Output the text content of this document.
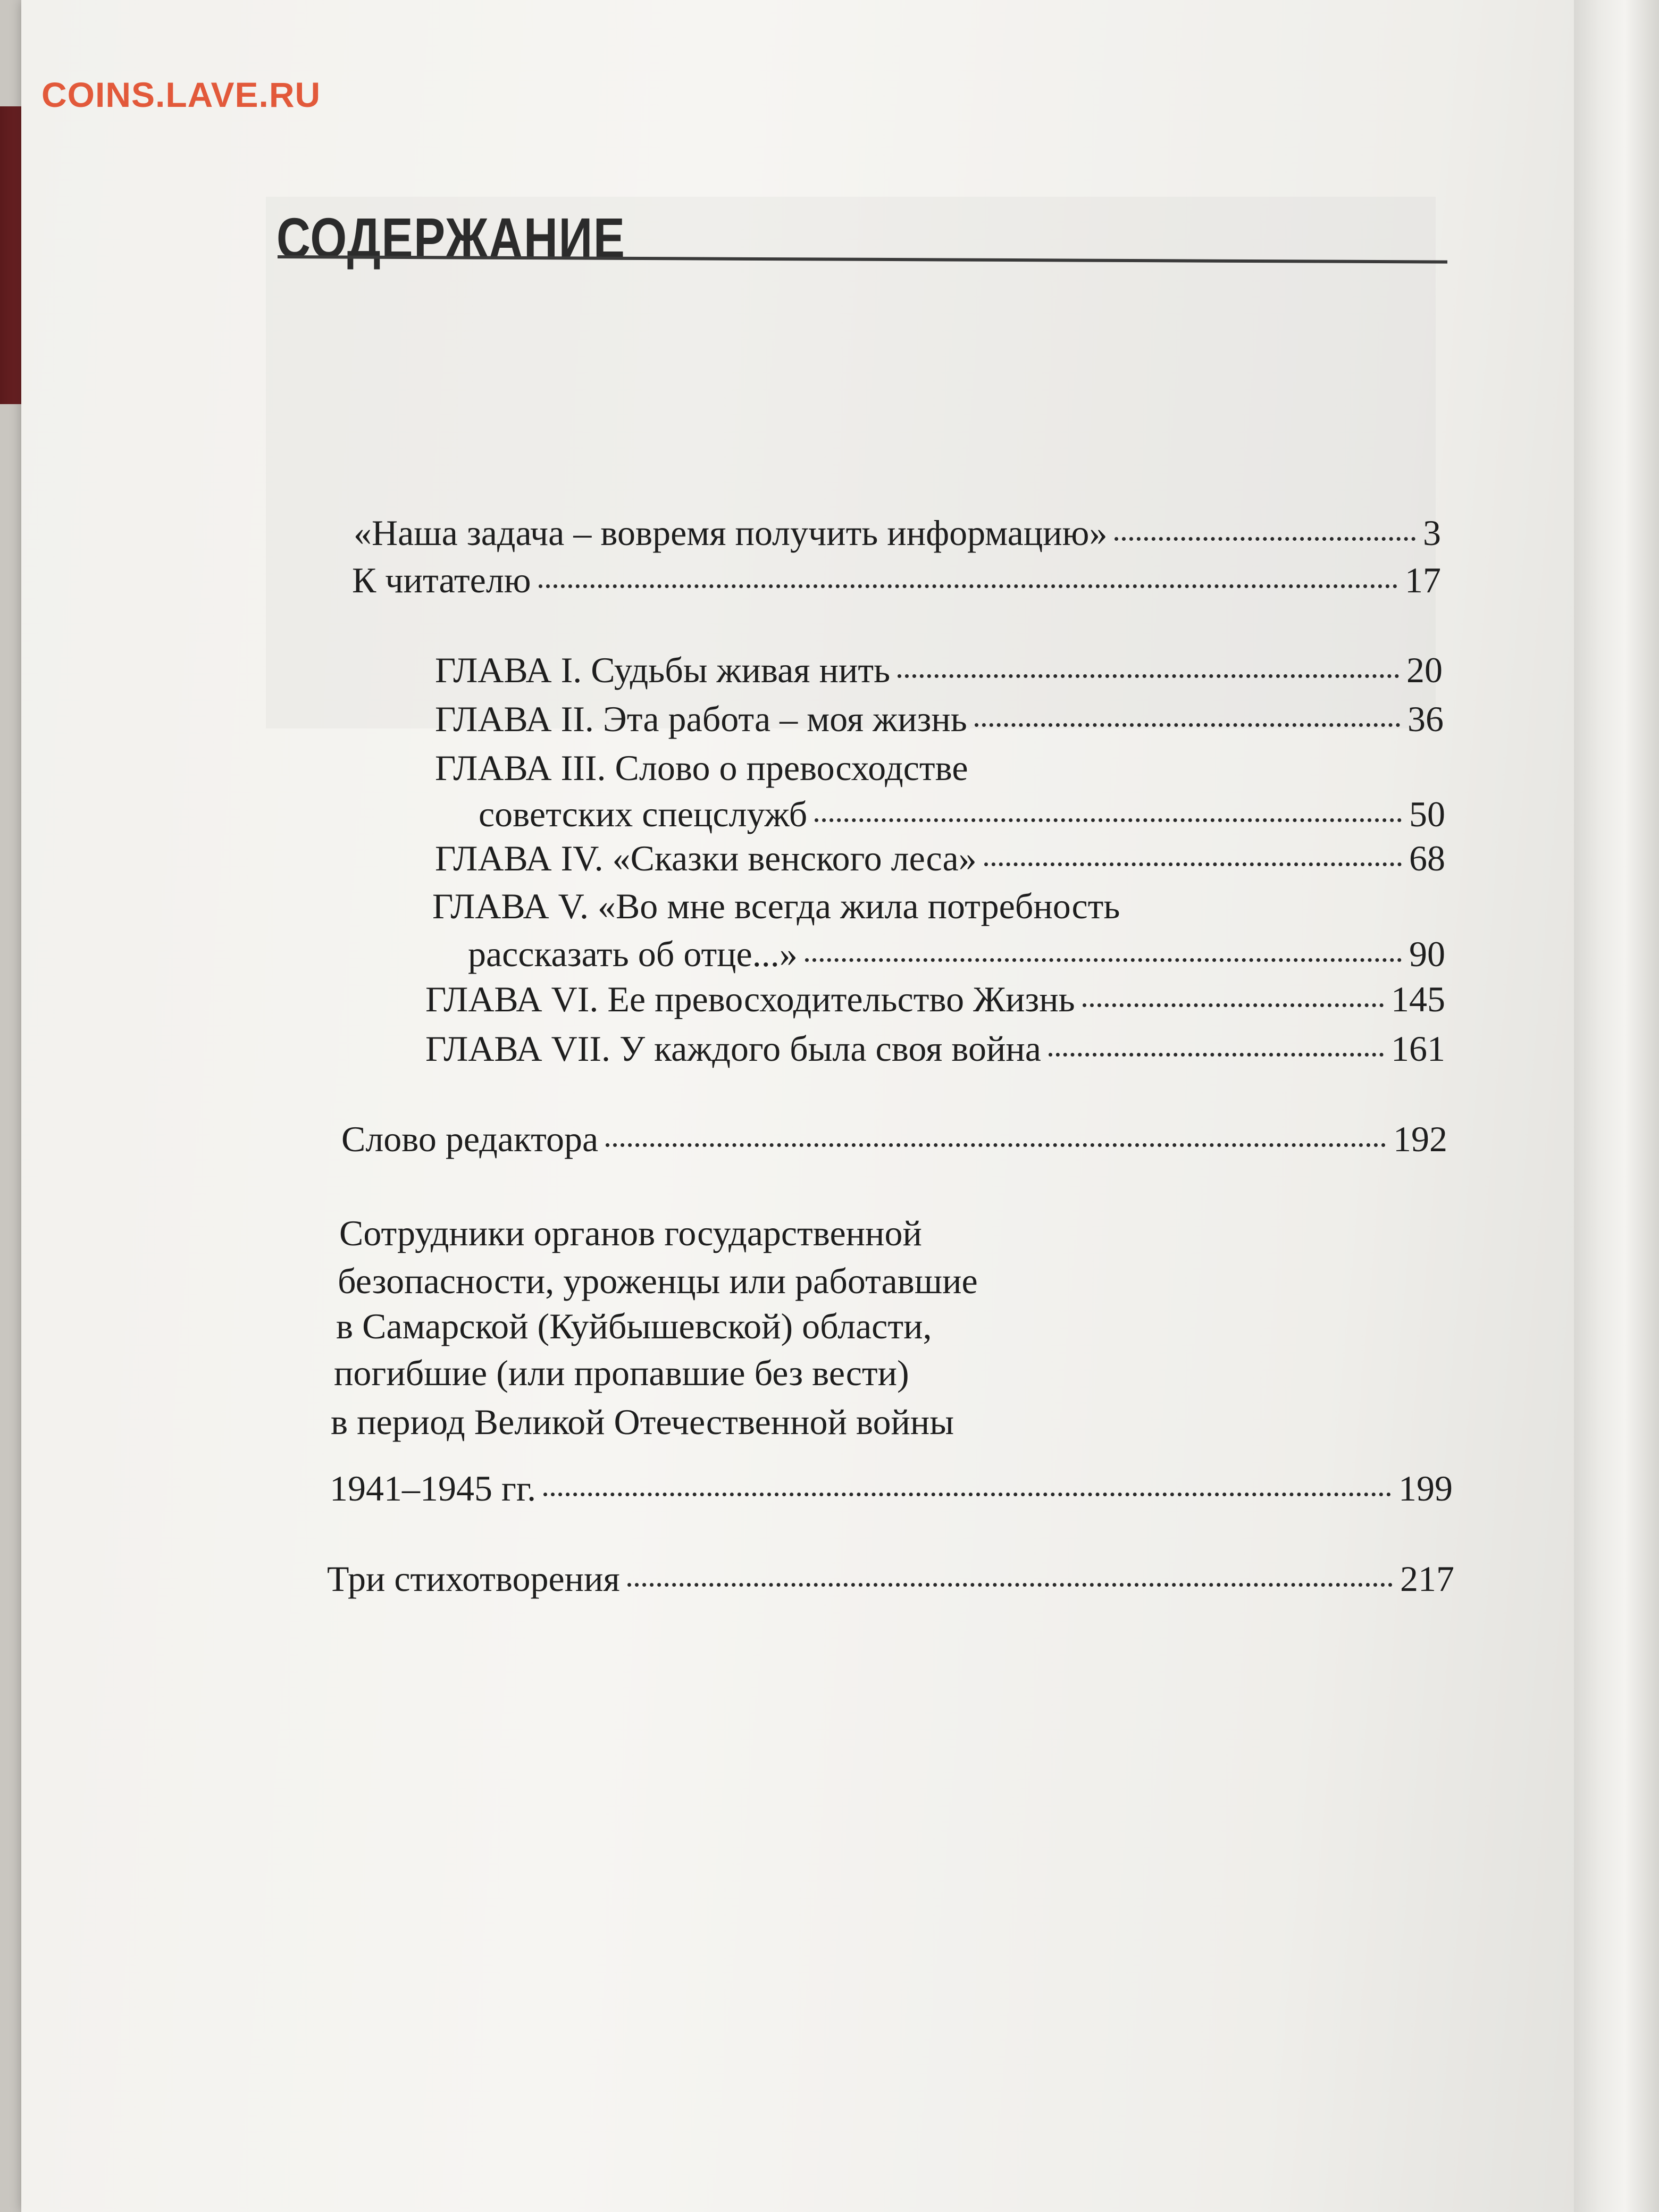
COINS.LAVE.RU
СОДЕРЖАНИЕ
«Наша задача – вовремя получить информацию»	3
К читателю	17
ГЛАВА I. Судьбы живая нить	20
ГЛАВА II. Эта работа – моя жизнь	36
ГЛАВА III. Слово о превосходстве
советских спецслужб	50
ГЛАВА IV. «Сказки венского леса»	68
ГЛАВА V. «Во мне всегда жила потребность
рассказать об отце...»	90
ГЛАВА VI. Ее превосходительство Жизнь	145
ГЛАВА VII. У каждого была своя война	161
Слово редактора	192
Сотрудники органов государственной
безопасности, уроженцы или работавшие
в Самарской (Куйбышевской) области,
погибшие (или пропавшие без вести)
в период Великой Отечественной войны
1941–1945 гг.	199
Три стихотворения	217
